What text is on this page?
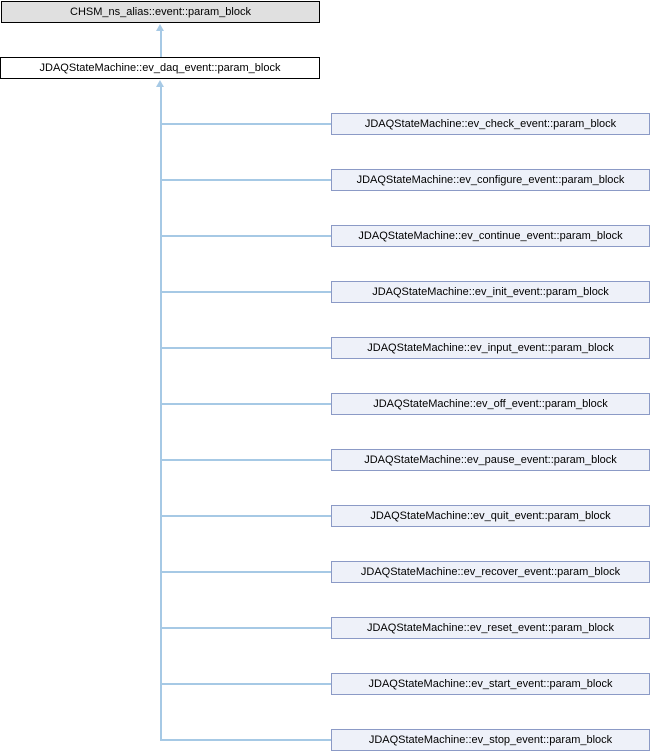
CHSM_ns_alias::event::param_block
JDAQStateMachine::ev_daq_event::param_block
JDAQStateMachine::ev_check_event::param_block
JDAQStateMachine::ev_configure_event::param_block
JDAQStateMachine::ev_continue_event::param_block
JDAQStateMachine::ev_init_event::param_block
JDAQStateMachine::ev_input_event::param_block
JDAQStateMachine::ev_off_event::param_block
JDAQStateMachine::ev_pause_event::param_block
JDAQStateMachine::ev_quit_event::param_block
JDAQStateMachine::ev_recover_event::param_block
JDAQStateMachine::ev_reset_event::param_block
JDAQStateMachine::ev_start_event::param_block
JDAQStateMachine::ev_stop_event::param_block
